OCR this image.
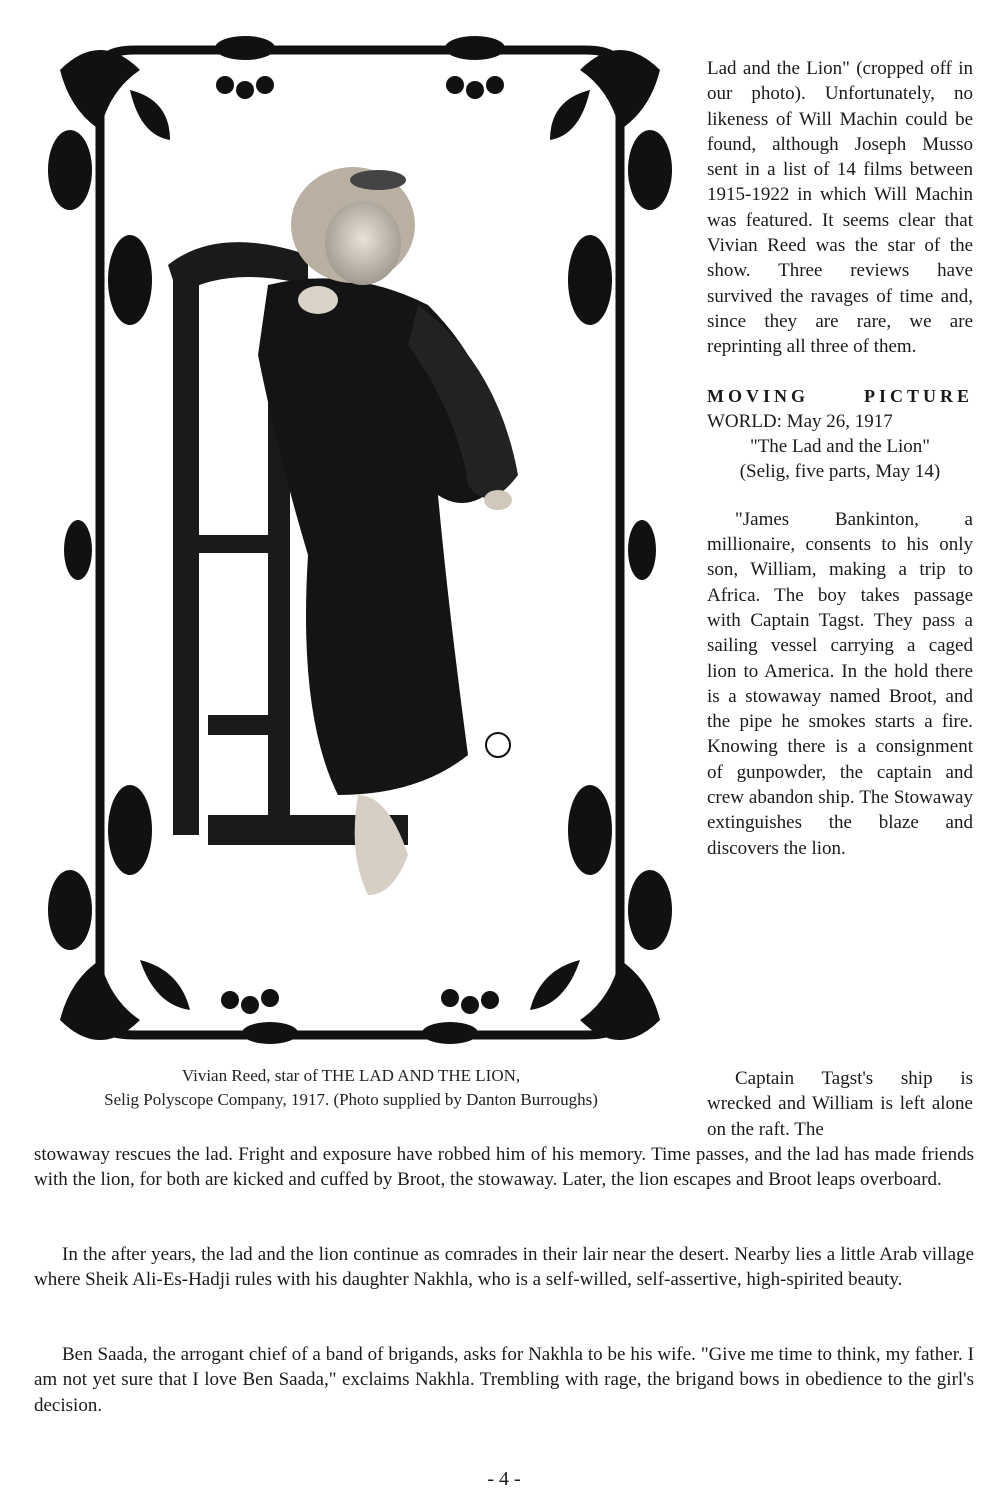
Vivian Reed, star of THE LAD AND THE LION,
Selig Polyscope Company, 1917. (Photo supplied by Danton Burroughs)

Lad and the Lion" (cropped off in our photo). Unfortunately, no likeness of Will Machin could be found, although Joseph Musso sent in a list of 14 films between 1915-1922 in which Will Machin was featured. It seems clear that Vivian Reed was the star of the show. Three reviews have survived the ravages of time and, since they are rare, we are reprinting all three of them.

MOVING PICTURE

WORLD: May 26, 1917

"The Lad and the Lion"

(Selig, five parts, May 14)

"James Bankinton, a millionaire, consents to his only son, William, making a trip to Africa. The boy takes passage with Captain Tagst. They pass a sailing vessel carrying a caged lion to America. In the hold there is a stowaway named Broot, and the pipe he smokes starts a fire. Knowing there is a consignment of gunpowder, the captain and crew abandon ship. The Stowaway extinguishes the blaze and discovers the lion.

Captain Tagst's ship is wrecked and William is left alone on the raft. The

stowaway rescues the lad. Fright and exposure have robbed him of his memory. Time passes, and the lad has made friends with the lion, for both are kicked and cuffed by Broot, the stowaway. Later, the lion escapes and Broot leaps overboard.

In the after years, the lad and the lion continue as comrades in their lair near the desert. Nearby lies a little Arab village where Sheik Ali-Es-Hadji rules with his daughter Nakhla, who is a self-willed, self-assertive, high-spirited beauty.

Ben Saada, the arrogant chief of a band of brigands, asks for Nakhla to be his wife. "Give me time to think, my father. I am not yet sure that I love Ben Saada," exclaims Nakhla. Trembling with rage, the brigand bows in obedience to the girl's decision.

- 4 -
